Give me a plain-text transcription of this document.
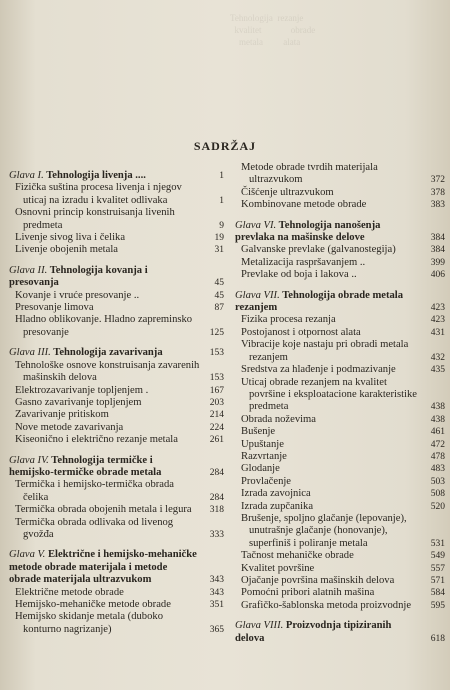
Tehnologija  rezanje
kvalitet             obrade
metala         alata

SADRŽAJ
Glava I. Tehnologija livenja ....	1
Fizička suština procesa livenja i njegov uticaj na izradu i kvalitet odlivaka	1
Osnovni princip konstruisanja livenih predmeta	9
Livenje sivog liva i čelika	19
Livenje obojenih metala	31
Glava II. Tehnologija kovanja i presovanja	45
Kovanje i vruće presovanje ..	45
Presovanje limova	87
Hladno oblikovanje. Hladno zapreminsko presovanje	125
Glava III. Tehnologija zavarivanja	153
Tehnološke osnove konstruisanja zavarenih mašinskih delova	153
Elektrozavarivanje topljenjem .	167
Gasno zavarivanje topljenjem	203
Zavarivanje pritiskom	214
Nove metode zavarivanja	224
Kiseonično i električno rezanje metala	261
Glava IV. Tehnologija termičke i hemijsko-termičke obrade metala	284
Termička i hemijsko-termička obrada čelika	284
Termička obrada obojenih metala i legura	318
Termička obrada odlivaka od livenog gvožđa	333
Glava V. Električne i hemijsko-mehaničke metode obrade materijala i metode obrade materijala ultrazvukom	343
Električne metode obrade	343
Hemijsko-mehaničke metode obrade	351
Hemijsko skidanje metala (duboko konturno nagrizanje)	365
Metode obrade tvrdih materijala ultrazvukom	372
Čišćenje ultrazvukom	378
Kombinovane metode obrade	383
Glava VI. Tehnologija nanošenja prevlaka na mašinske delove	384
Galvanske prevlake (galvanostegija)	384
Metalizacija raspršavanjem ..	399
Prevlake od boja i lakova ..	406
Glava VII. Tehnologija obrade metala rezanjem	423
Fizika procesa rezanja	423
Postojanost i otpornost alata	431
Vibracije koje nastaju pri obradi metala rezanjem	432
Sredstva za hlađenje i podmazivanje	435
Uticaj obrade rezanjem na kvalitet površine i eksploatacione karakteristike predmeta	438
Obrada noževima	438
Bušenje	461
Upuštanje	472
Razvrtanje	478
Glodanje	483
Provlačenje	503
Izrada zavojnica	508
Izrada zupčanika	520
Brušenje, spoljno glačanje (lepovanje), unutrašnje glačanje (honovanje), superfiniš i poliranje metala	531
Tačnost mehaničke obrade	549
Kvalitet površine	557
Ojačanje površina mašinskih delova	571
Pomoćni pribori alatnih mašina	584
Grafičko-šablonska metoda proizvodnje	595
Glava VIII. Proizvodnja tipiziranih delova	618
